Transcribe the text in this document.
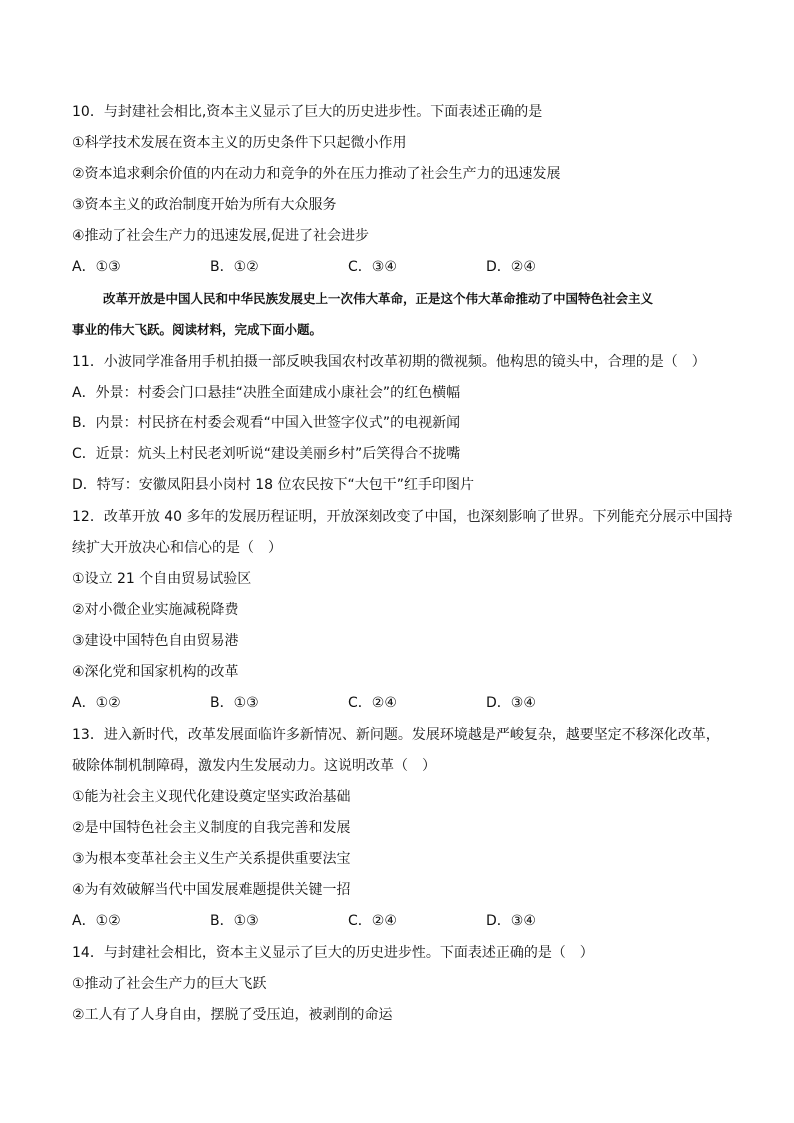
10．与封建社会相比,资本主义显示了巨大的历史进步性。下面表述正确的是
①科学技术发展在资本主义的历史条件下只起微小作用
②资本追求剩余价值的内在动力和竞争的外在压力推动了社会生产力的迅速发展
③资本主义的政治制度开始为所有大众服务
④推动了社会生产力的迅速发展,促进了社会进步
A．①③	B．①②	C．③④	D．②④
改革开放是中国人民和中华民族发展史上一次伟大革命，正是这个伟大革命推动了中国特色社会主义
事业的伟大飞跃。阅读材料，完成下面小题。
11．小波同学准备用手机拍摄一部反映我国农村改革初期的微视频。他构思的镜头中，合理的是（　）
A．外景：村委会门口悬挂“决胜全面建成小康社会”的红色横幅
B．内景：村民挤在村委会观看“中国入世签字仪式”的电视新闻
C．近景：炕头上村民老刘听说“建设美丽乡村”后笑得合不拢嘴
D．特写：安徽凤阳县小岗村 18 位农民按下“大包干”红手印图片
12．改革开放 40 多年的发展历程证明，开放深刻改变了中国，也深刻影响了世界。下列能充分展示中国持
续扩大开放决心和信心的是（　）
①设立 21 个自由贸易试验区
②对小微企业实施减税降费
③建设中国特色自由贸易港
④深化党和国家机构的改革
A．①②	B．①③	C．②④	D．③④
13．进入新时代，改革发展面临许多新情况、新问题。发展环境越是严峻复杂，越要坚定不移深化改革，
破除体制机制障碍，激发内生发展动力。这说明改革（　）
①能为社会主义现代化建设奠定坚实政治基础
②是中国特色社会主义制度的自我完善和发展
③为根本变革社会主义生产关系提供重要法宝
④为有效破解当代中国发展难题提供关键一招
A．①②	B．①③	C．②④	D．③④
14．与封建社会相比，资本主义显示了巨大的历史进步性。下面表述正确的是（　）
①推动了社会生产力的巨大飞跃
②工人有了人身自由，摆脱了受压迫，被剥削的命运
